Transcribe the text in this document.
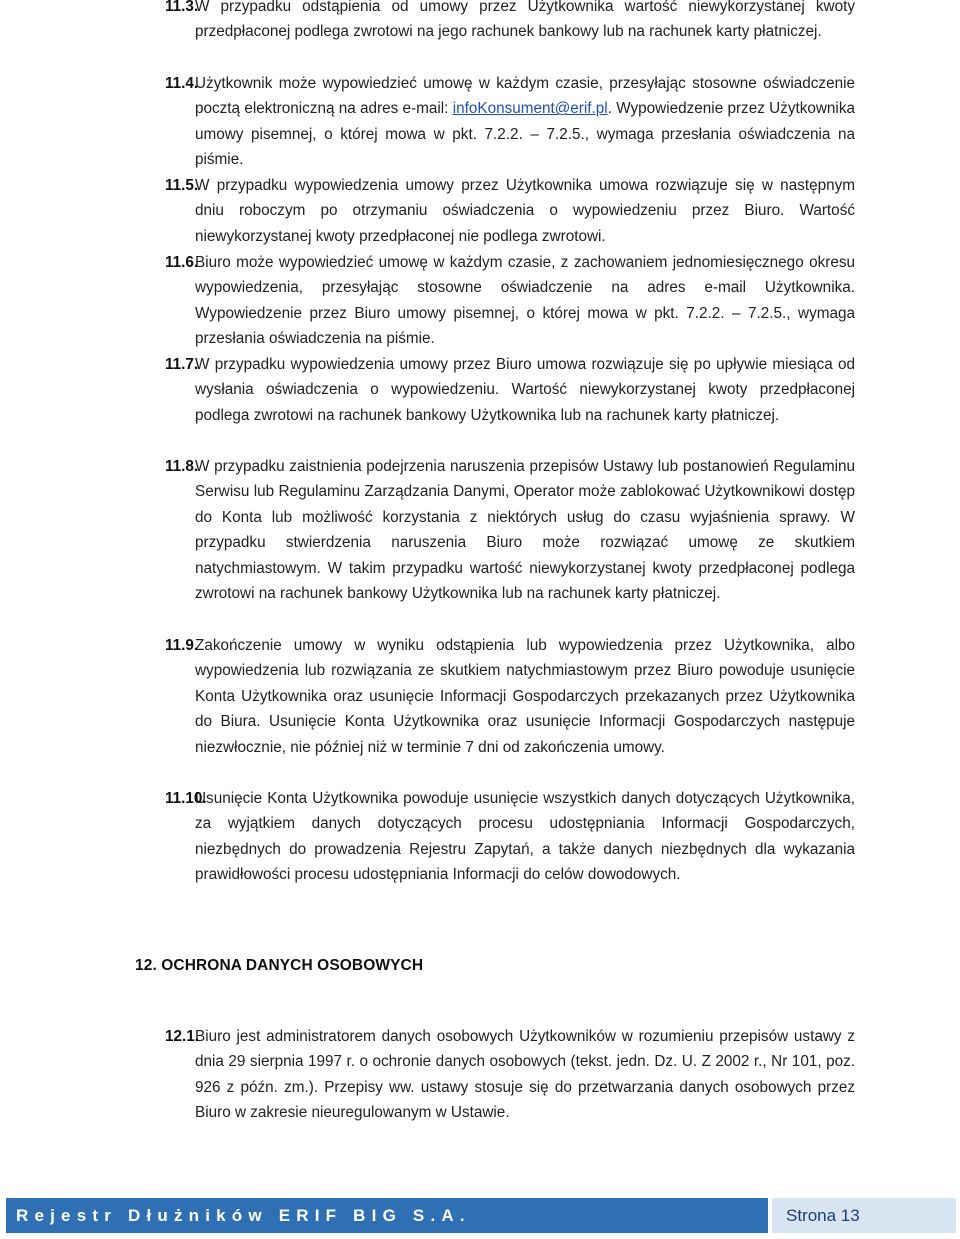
11.3.
W przypadku odstąpienia od umowy przez Użytkownika wartość niewykorzystanej kwoty przedpłaconej podlega zwrotowi na jego rachunek bankowy lub na rachunek karty płatniczej.
11.4.
Użytkownik może wypowiedzieć umowę w każdym czasie, przesyłając stosowne oświadczenie pocztą elektroniczną na adres e-mail: infoKonsument@erif.pl. Wypowiedzenie przez Użytkownika umowy pisemnej, o której mowa w pkt. 7.2.2. – 7.2.5., wymaga przesłania oświadczenia na piśmie.
11.5.
W przypadku wypowiedzenia umowy przez Użytkownika umowa rozwiązuje się w następnym dniu roboczym po otrzymaniu oświadczenia o wypowiedzeniu przez Biuro. Wartość niewykorzystanej kwoty przedpłaconej nie podlega zwrotowi.
11.6.
Biuro może wypowiedzieć umowę w każdym czasie, z zachowaniem jednomiesięcznego okresu wypowiedzenia, przesyłając stosowne oświadczenie na adres e-mail Użytkownika. Wypowiedzenie przez Biuro umowy pisemnej, o której mowa w pkt. 7.2.2. – 7.2.5., wymaga przesłania oświadczenia na piśmie.
11.7.
W przypadku wypowiedzenia umowy przez Biuro umowa rozwiązuje się po upływie miesiąca od wysłania oświadczenia o wypowiedzeniu. Wartość niewykorzystanej kwoty przedpłaconej podlega zwrotowi na rachunek bankowy Użytkownika lub na rachunek karty płatniczej.
11.8.
W przypadku zaistnienia podejrzenia naruszenia przepisów Ustawy lub postanowień Regulaminu Serwisu lub Regulaminu Zarządzania Danymi, Operator może zablokować Użytkownikowi dostęp do Konta lub możliwość korzystania z niektórych usług do czasu wyjaśnienia sprawy. W przypadku stwierdzenia naruszenia Biuro może rozwiązać umowę ze skutkiem natychmiastowym. W takim przypadku wartość niewykorzystanej kwoty przedpłaconej podlega zwrotowi na rachunek bankowy Użytkownika lub na rachunek karty płatniczej.
11.9.
Zakończenie umowy w wyniku odstąpienia lub wypowiedzenia przez Użytkownika, albo wypowiedzenia lub rozwiązania ze skutkiem natychmiastowym przez Biuro powoduje usunięcie Konta Użytkownika oraz usunięcie Informacji Gospodarczych przekazanych przez Użytkownika do Biura. Usunięcie Konta Użytkownika oraz usunięcie Informacji Gospodarczych następuje niezwłocznie, nie później niż w terminie 7 dni od zakończenia umowy.
11.10.
Usunięcie Konta Użytkownika powoduje usunięcie wszystkich danych dotyczących Użytkownika, za wyjątkiem danych dotyczących procesu udostępniania Informacji Gospodarczych, niezbędnych do prowadzenia Rejestru Zapytań, a także danych niezbędnych dla wykazania prawidłowości procesu udostępniania Informacji do celów dowodowych.
12. OCHRONA DANYCH OSOBOWYCH
12.1.
Biuro jest administratorem danych osobowych Użytkowników w rozumieniu przepisów ustawy z dnia 29 sierpnia 1997 r. o ochronie danych osobowych (tekst. jedn. Dz. U. Z 2002 r., Nr 101, poz. 926 z późn. zm.). Przepisy ww. ustawy stosuje się do przetwarzania danych osobowych przez Biuro w zakresie nieuregulowanym w Ustawie.
Rejestr Dłużników ERIF BIG S.A.	Strona 13
